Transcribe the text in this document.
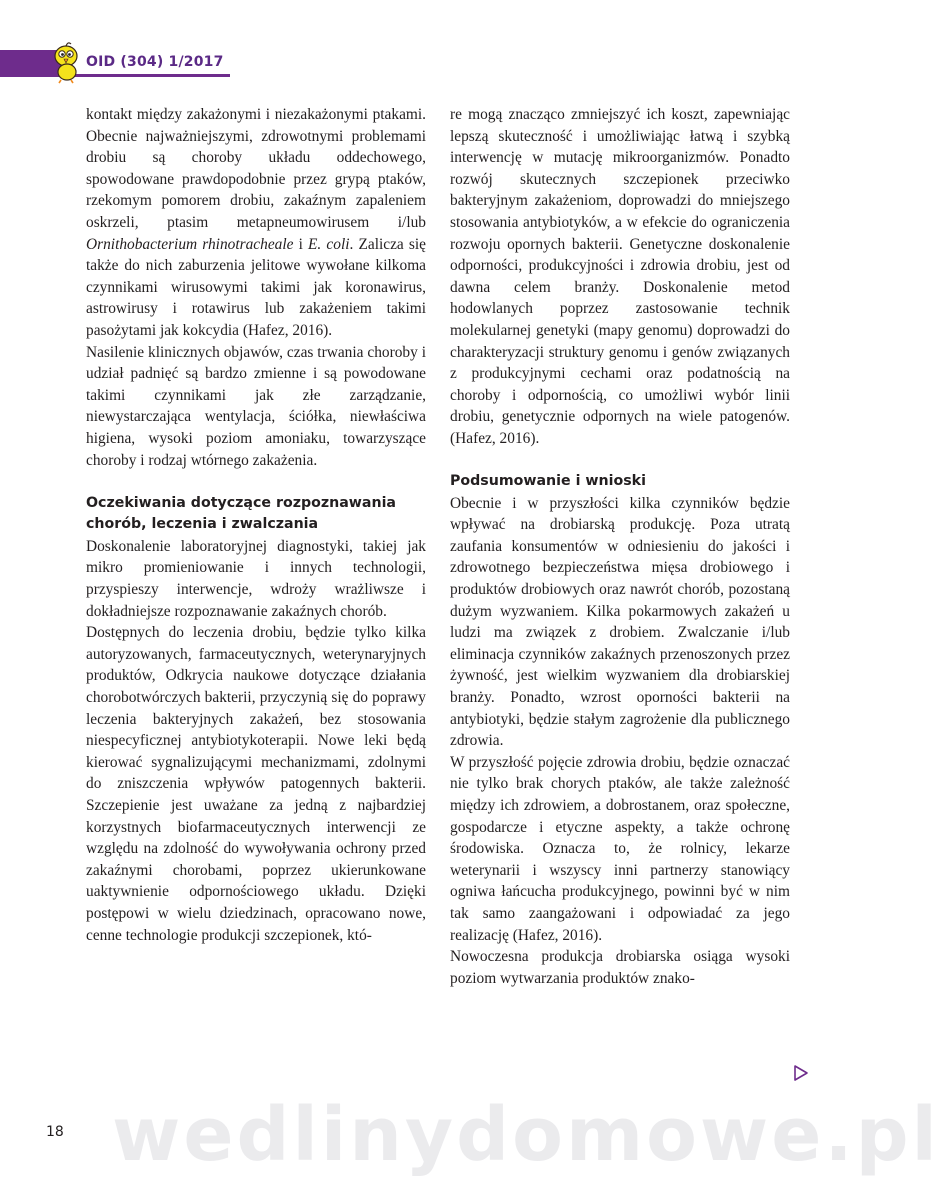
OID (304) 1/2017

kontakt między zakażonymi i niezakażonymi ptakami. Obecnie najważniejszymi, zdrowotnymi problemami drobiu są choroby układu oddechowego, spowodowane prawdopodobnie przez grypą ptaków, rzekomym pomorem drobiu, zakaźnym zapaleniem oskrzeli, ptasim metapneumowirusem i/lub Ornithobacterium rhinotracheale i E. coli. Zalicza się także do nich zaburzenia jelitowe wywołane kilkoma czynnikami wirusowymi takimi jak koronawirus, astrowirusy i rotawirus lub zakażeniem takimi pasożytami jak kokcydia (Hafez, 2016).

Nasilenie klinicznych objawów, czas trwania choroby i udział padnięć są bardzo zmienne i są powodowane takimi czynnikami jak złe zarządzanie, niewystarczająca wentylacja, ściółka, niewłaściwa higiena, wysoki poziom amoniaku, towarzyszące choroby i rodzaj wtórnego zakażenia.

Oczekiwania dotyczące rozpoznawania chorób, leczenia i zwalczania

Doskonalenie laboratoryjnej diagnostyki, takiej jak mikro promieniowanie i innych technologii, przyspieszy interwencje, wdroży wrażliwsze i dokładniejsze rozpoznawanie zakaźnych chorób.

Dostępnych do leczenia drobiu, będzie tylko kilka autoryzowanych, farmaceutycznych, weterynaryjnych produktów, Odkrycia naukowe dotyczące działania chorobotwórczych bakterii, przyczynią się do poprawy leczenia bakteryjnych zakażeń, bez stosowania niespecyficznej antybiotykoterapii. Nowe leki będą kierować sygnalizującymi mechanizmami, zdolnymi do zniszczenia wpływów patogennych bakterii. Szczepienie jest uważane za jedną z najbardziej korzystnych biofarmaceutycznych interwencji ze względu na zdolność do wywoływania ochrony przed zakaźnymi chorobami, poprzez ukierunkowane uaktywnienie odpornościowego układu. Dzięki postępowi w wielu dziedzinach, opracowano nowe, cenne technologie produkcji szczepionek, któ-

re mogą znacząco zmniejszyć ich koszt, zapewniając lepszą skuteczność i umożliwiając łatwą i szybką interwencję w mutację mikroorganizmów. Ponadto rozwój skutecznych szczepionek przeciwko bakteryjnym zakażeniom, doprowadzi do mniejszego stosowania antybiotyków, a w efekcie do ograniczenia rozwoju opornych bakterii. Genetyczne doskonalenie odporności, produkcyjności i zdrowia drobiu, jest od dawna celem branży. Doskonalenie metod hodowlanych poprzez zastosowanie technik molekularnej genetyki (mapy genomu) doprowadzi do charakteryzacji struktury genomu i genów związanych z produkcyjnymi cechami oraz podatnością na choroby i odpornością, co umożliwi wybór linii drobiu, genetycznie odpornych na wiele patogenów. (Hafez, 2016).

Podsumowanie i wnioski

Obecnie i w przyszłości kilka czynników będzie wpływać na drobiarską produkcję. Poza utratą zaufania konsumentów w odniesieniu do jakości i zdrowotnego bezpieczeństwa mięsa drobiowego i produktów drobiowych oraz nawrót chorób, pozostaną dużym wyzwaniem. Kilka pokarmowych zakażeń u ludzi ma związek z drobiem. Zwalczanie i/lub eliminacja czynników zakaźnych przenoszonych przez żywność, jest wielkim wyzwaniem dla drobiarskiej branży. Ponadto, wzrost oporności bakterii na antybiotyki, będzie stałym zagrożenie dla publicznego zdrowia.

W przyszłość pojęcie zdrowia drobiu, będzie oznaczać nie tylko brak chorych ptaków, ale także zależność między ich zdrowiem, a dobrostanem, oraz społeczne, gospodarcze i etyczne aspekty, a także ochronę środowiska. Oznacza to, że rolnicy, lekarze weterynarii i wszyscy inni partnerzy stanowiący ogniwa łańcucha produkcyjnego, powinni być w nim tak samo zaangażowani i odpowiadać za jego realizację (Hafez, 2016).

Nowoczesna produkcja drobiarska osiąga wysoki poziom wytwarzania produktów znako-

wedlinydomowe.pl
18
